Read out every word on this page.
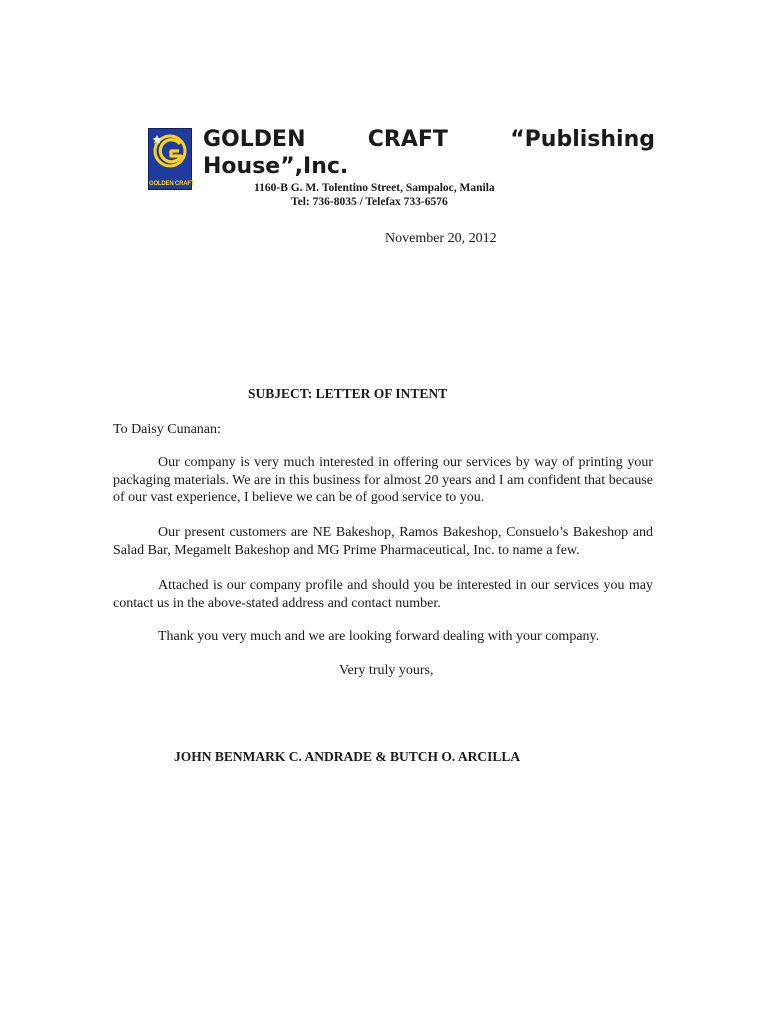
GOLDEN CRAFT
GOLDEN	CRAFT	“Publishing
House”,Inc.
1160-B G. M. Tolentino Street, Sampaloc, Manila
Tel: 736-8035 / Telefax 733-6576
November 20, 2012
SUBJECT: LETTER OF INTENT
To Daisy Cunanan:
Our company is very much interested in offering our services by way of printing your packaging materials. We are in this business for almost 20 years and I am confident that because of our vast experience, I believe we can be of good service to you.
Our present customers are NE Bakeshop, Ramos Bakeshop, Consuelo’s Bakeshop and Salad Bar, Megamelt Bakeshop and MG Prime Pharmaceutical, Inc. to name a few.
Attached is our company profile and should you be interested in our services you may contact us in the above-stated address and contact number.
Thank you very much and we are looking forward dealing with your company.
Very truly yours,
JOHN BENMARK C. ANDRADE & BUTCH O. ARCILLA
